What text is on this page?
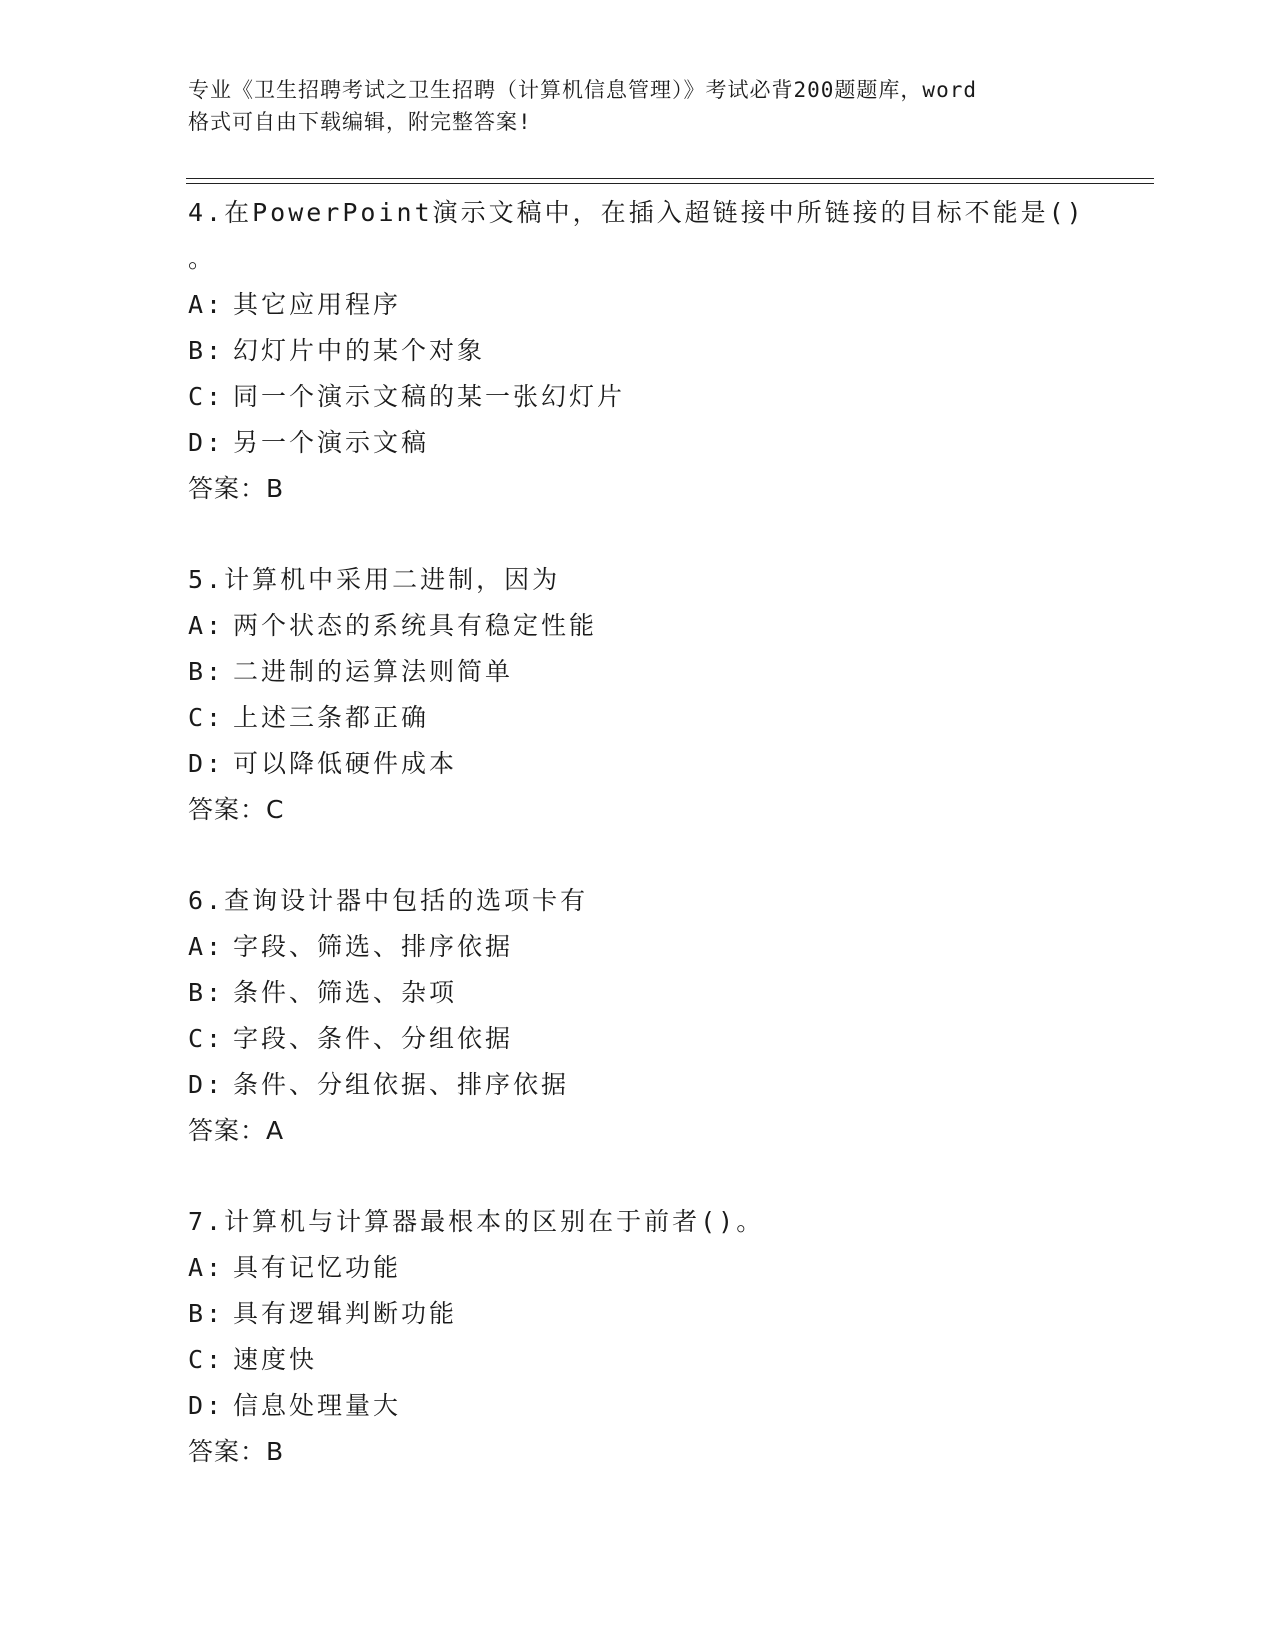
专业《卫生招聘考试之卫生招聘（计算机信息管理）》考试必背200题题库，word
格式可自由下载编辑，附完整答案!
4.在PowerPoint演示文稿中，在插入超链接中所链接的目标不能是()
。
A: 其它应用程序
B: 幻灯片中的某个对象
C: 同一个演示文稿的某一张幻灯片
D: 另一个演示文稿
答案：B
5.计算机中采用二进制，因为
A: 两个状态的系统具有稳定性能
B: 二进制的运算法则简单
C: 上述三条都正确
D: 可以降低硬件成本
答案：C
6.查询设计器中包括的选项卡有
A: 字段、筛选、排序依据
B: 条件、筛选、杂项
C: 字段、条件、分组依据
D: 条件、分组依据、排序依据
答案：A
7.计算机与计算器最根本的区别在于前者()。
A: 具有记忆功能
B: 具有逻辑判断功能
C: 速度快
D: 信息处理量大
答案：B
